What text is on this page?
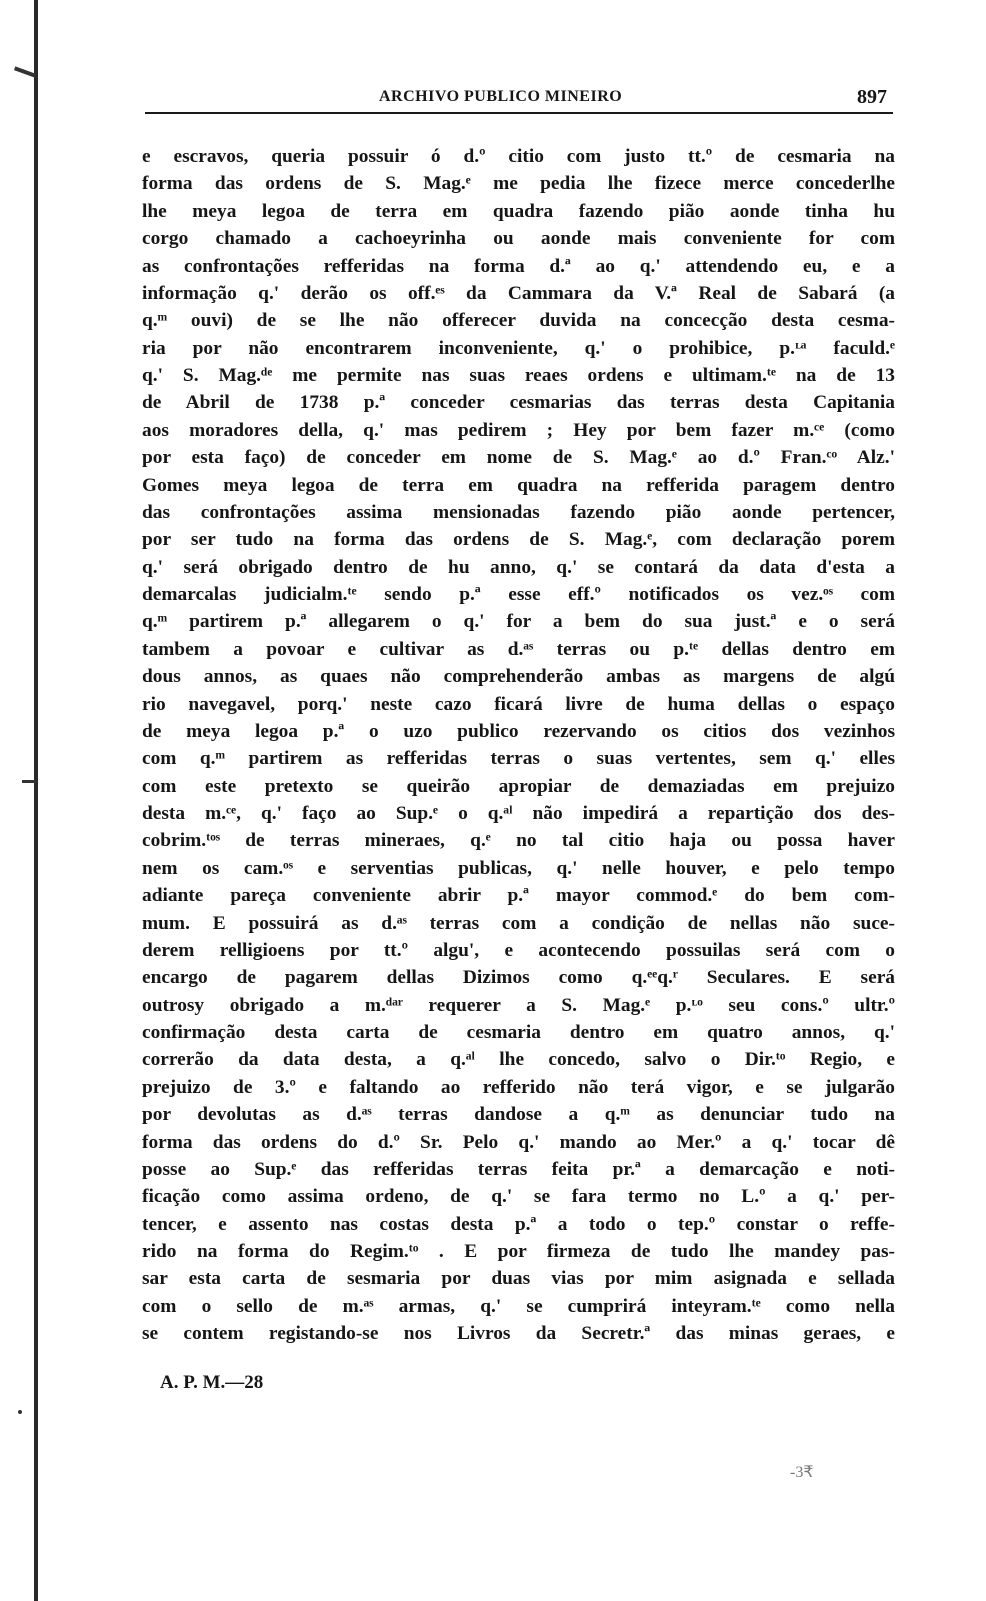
ARCHIVO PUBLICO MINEIRO	897
e escravos, queria possuir ó d.º citio com justo tt.º de cesmaria na
forma das ordens de S. Mag.ᵉ me pedia lhe fizece merce concederlhe
lhe meya legoa de terra em quadra fazendo pião aonde tinha hu
corgo chamado a cachoeyrinha ou aonde mais conveniente for com
as confrontações refferidas na forma d.ª ao q.' attendendo eu, e a
informação q.' derão os off.ᵉˢ da Cammara da V.ª Real de Sabará (a
q.ᵐ ouvi) de se lhe não offerecer duvida na concecção desta cesma-
ria por não encontrarem inconveniente, q.' o prohibice, p.ᶫᵃ faculd.ᵉ
q.' S. Mag.ᵈᵉ me permite nas suas reaes ordens e ultimam.ᵗᵉ na de 13
de Abril de 1738 p.ª conceder cesmarias das terras desta Capitania
aos moradores della, q.' mas pedirem ; Hey por bem fazer m.ᶜᵉ (como
por esta faço) de conceder em nome de S. Mag.ᵉ ao d.º Fran.ᶜᵒ Alz.'
Gomes meya legoa de terra em quadra na refferida paragem dentro
das confrontações assima mensionadas fazendo pião aonde pertencer,
por ser tudo na forma das ordens de S. Mag.ᵉ, com declaração porem
q.' será obrigado dentro de hu anno, q.' se contará da data d'esta a
demarcalas judicialm.ᵗᵉ sendo p.ª esse eff.º notificados os vez.ᵒˢ com
q.ᵐ partirem p.ª allegarem o q.' for a bem do sua just.ª e o será
tambem a povoar e cultivar as d.ᵃˢ terras ou p.ᵗᵉ dellas dentro em
dous annos, as quaes não comprehenderão ambas as margens de algú
rio navegavel, porq.' neste cazo ficará livre de huma dellas o espaço
de meya legoa p.ª o uzo publico rezervando os citios dos vezinhos
com q.ᵐ partirem as refferidas terras o suas vertentes, sem q.' elles
com este pretexto se queirão apropiar de demaziadas em prejuizo
desta m.ᶜᵉ, q.' faço ao Sup.ᵉ o q.ᵃˡ não impedirá a repartição dos des-
cobrim.ᵗᵒˢ de terras mineraes, q.ᵉ no tal citio haja ou possa haver
nem os cam.ᵒˢ e serventias publicas, q.' nelle houver, e pelo tempo
adiante pareça conveniente abrir p.ª mayor commod.ᵉ do bem com-
mum. E possuirá as d.ᵃˢ terras com a condição de nellas não suce-
derem relligioens por tt.º algu', e acontecendo possuilas será com o
encargo de pagarem dellas Dizimos como q.ᵉᵉq.ʳ Seculares. E será
outrosy obrigado a m.ᵈᵃʳ requerer a S. Mag.ᵉ p.ᶫᵒ seu cons.º ultr.º
confirmação desta carta de cesmaria dentro em quatro annos, q.'
correrão da data desta, a q.ᵃˡ lhe concedo, salvo o Dir.ᵗᵒ Regio, e
prejuizo de 3.º e faltando ao refferido não terá vigor, e se julgarão
por devolutas as d.ᵃˢ terras dandose a q.ᵐ as denunciar tudo na
forma das ordens do d.º Sr. Pelo q.' mando ao Mer.º a q.' tocar dê
posse ao Sup.ᵉ das refferidas terras feita pr.ª a demarcação e noti-
ficação como assima ordeno, de q.' se fara termo no L.º a q.' per-
tencer, e assento nas costas desta p.ª a todo o tep.º constar o reffe-
rido na forma do Regim.ᵗᵒ . E por firmeza de tudo lhe mandey pas-
sar esta carta de sesmaria por duas vias por mim asignada e sellada
com o sello de m.ᵃˢ armas, q.' se cumprirá inteyram.ᵗᵉ como nella
se contem registando-se nos Livros da Secretr.ª das minas geraes, e
A. P. M.—28
-3₹
